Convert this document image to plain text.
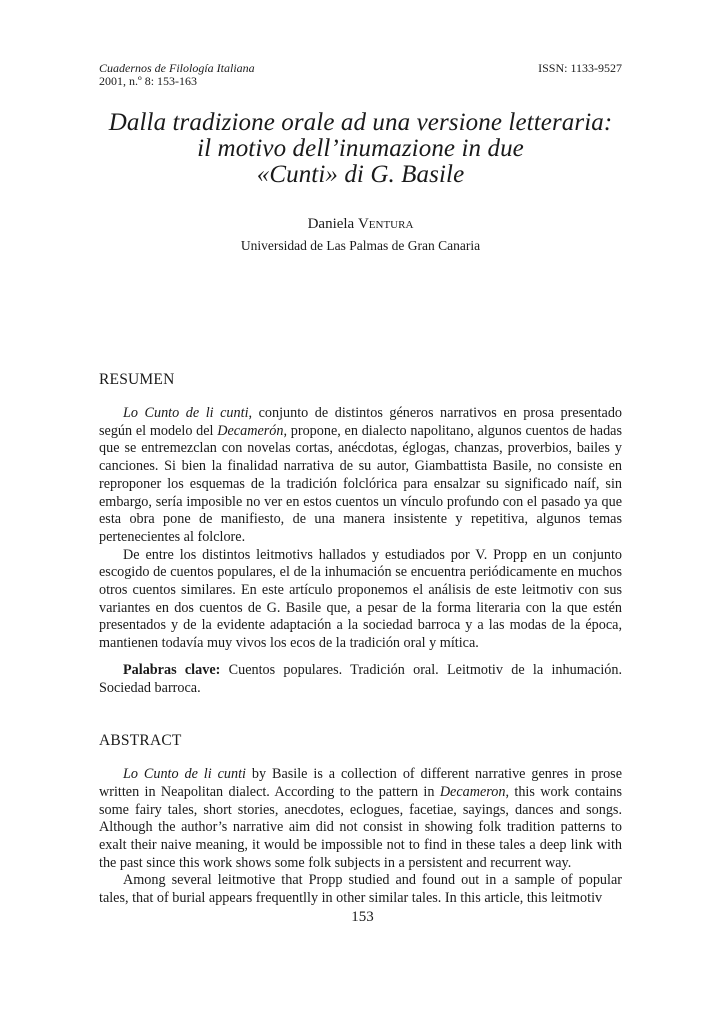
Cuadernos de Filología Italiana
2001, n.º 8: 153-163
ISSN: 1133-9527
Dalla tradizione orale ad una versione letteraria:
il motivo dell’inumazione in due
«Cunti» di G. Basile
Daniela Ventura
Universidad de Las Palmas de Gran Canaria
RESUMEN

Lo Cunto de li cunti, conjunto de distintos géneros narrativos en prosa presentado según el modelo del Decamerón, propone, en dialecto napolitano, algunos cuentos de hadas que se entremezclan con novelas cortas, anécdotas, églogas, chanzas, proverbios, bailes y canciones. Si bien la finalidad narrativa de su autor, Giambattista Basile, no consiste en reproponer los esquemas de la tradición folclórica para ensalzar su significado naíf, sin embargo, sería imposible no ver en estos cuentos un vínculo profundo con el pasado ya que esta obra pone de manifiesto, de una manera insistente y repetitiva, algunos temas pertenecientes al folclore.

De entre los distintos leitmotivs hallados y estudiados por V. Propp en un conjunto escogido de cuentos populares, el de la inhumación se encuentra periódicamente en muchos otros cuentos similares. En este artículo proponemos el análisis de este leitmotiv con sus variantes en dos cuentos de G. Basile que, a pesar de la forma literaria con la que estén presentados y de la evidente adaptación a la sociedad barroca y a las modas de la época, mantienen todavía muy vivos los ecos de la tradición oral y mítica.

Palabras clave: Cuentos populares. Tradición oral. Leitmotiv de la inhumación. Sociedad barroca.

ABSTRACT

Lo Cunto de li cunti by Basile is a collection of different narrative genres in prose written in Neapolitan dialect. According to the pattern in Decameron, this work contains some fairy tales, short stories, anecdotes, eclogues, facetiae, sayings, dances and songs. Although the author’s narrative aim did not consist in showing folk tradition patterns to exalt their naive meaning, it would be impossible not to find in these tales a deep link with the past since this work shows some folk subjects in a persistent and recurrent way.

Among several leitmotive that Propp studied and found out in a sample of popular tales, that of burial appears frequentlly in other similar tales. In this article, this leitmotiv

153
